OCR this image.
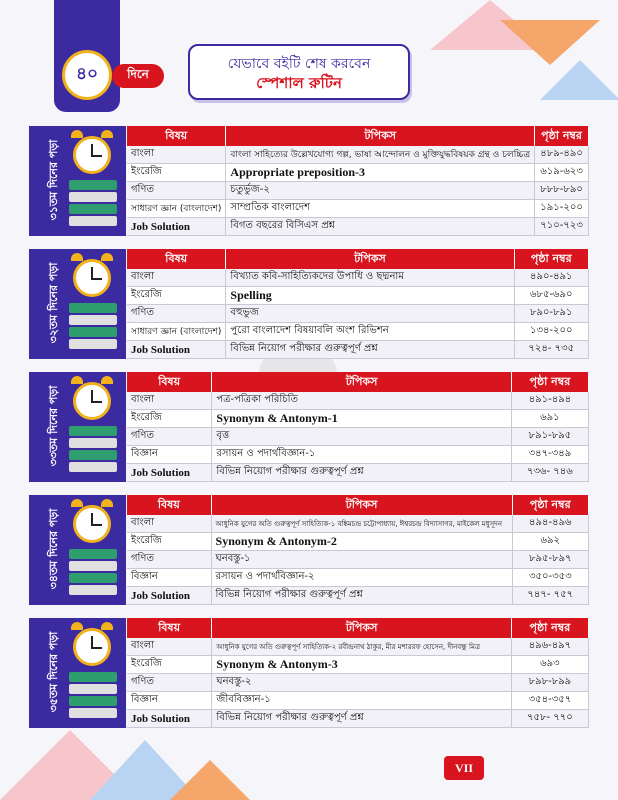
৪০	দিনে
যেভাবে বইটি শেষ করবেন
স্পেশাল রুটিন
৩১তম দিনের পড়া
বিষয়	টপিকস	পৃষ্ঠা নম্বর
বাংলা	বাংলা সাহিত্যের উল্লেখযোগ্য গল্প, ভাষা আন্দোলন ও মুক্তিযুদ্ধবিষয়ক গ্রন্থ ও চলচ্চিত্র	৪৮৯-৪৯০
ইংরেজি	Appropriate preposition-3	৬১৯-৬২৩
গণিত	চতুর্ভুজ-২	৮৮৮-৮৯০
সাধারণ জ্ঞান (বাংলাদেশ)	সাম্প্রতিক বাংলাদেশ	১৯১-২০০
Job Solution	বিগত বছরের বিসিএস প্রশ্ন	৭১০-৭২৩
৩২তম দিনের পড়া
বিষয়	টপিকস	পৃষ্ঠা নম্বর
বাংলা	বিখ্যাত কবি-সাহিত্যিকদের উপাধি ও ছদ্মনাম	৪৯০-৪৯১
ইংরেজি	Spelling	৬৮৫-৬৯০
গণিত	বহুভুজ	৮৯০-৮৯১
সাধারণ জ্ঞান (বাংলাদেশ)	পুরো বাংলাদেশ বিষয়াবলি অংশ রিভিশন	১৩৪-২০০
Job Solution	বিভিন্ন নিয়োগ পরীক্ষার গুরুত্বপূর্ণ প্রশ্ন	৭২৪- ৭৩৫
৩৩তম দিনের পড়া
বিষয়	টপিকস	পৃষ্ঠা নম্বর
বাংলা	পত্র-পত্রিকা পরিচিতি	৪৯১-৪৯৪
ইংরেজি	Synonym & Antonym-1	৬৯১
গণিত	বৃত্ত	৮৯১-৮৯৫
বিজ্ঞান	রসায়ন ও পদার্থবিজ্ঞান-১	৩৪৭-৩৪৯
Job Solution	বিভিন্ন নিয়োগ পরীক্ষার গুরুত্বপূর্ণ প্রশ্ন	৭৩৬- ৭৪৬
৩৪তম দিনের পড়া
বিষয়	টপিকস	পৃষ্ঠা নম্বর
বাংলা	আধুনিক যুগের অতি গুরুত্বপূর্ণ সাহিত্যিক-১ বঙ্কিমচন্দ্র চট্টোপাধ্যায়, ঈশ্বরচন্দ্র বিদ্যাসাগর, মাইকেল মধুসূদন	৪৯৪-৪৯৬
ইংরেজি	Synonym & Antonym-2	৬৯২
গণিত	ঘনবস্তু-১	৮৯৫-৮৯৭
বিজ্ঞান	রসায়ন ও পদার্থবিজ্ঞান-২	৩৫০-৩৫৩
Job Solution	বিভিন্ন নিয়োগ পরীক্ষার গুরুত্বপূর্ণ প্রশ্ন	৭৪৭- ৭৫৭
৩৫তম দিনের পড়া
বিষয়	টপিকস	পৃষ্ঠা নম্বর
বাংলা	আধুনিক যুগের অতি গুরুত্বপূর্ণ সাহিত্যিক-২ রবীন্দ্রনাথ ঠাকুর, মীর মশাররফ হোসেন, দীনবন্ধু মিত্র	৪৯৬-৪৯৭
ইংরেজি	Synonym & Antonym-3	৬৯৩
গণিত	ঘনবস্তু-২	৮৯৮-৮৯৯
বিজ্ঞান	জীববিজ্ঞান-১	৩৫৪-৩৫৭
Job Solution	বিভিন্ন নিয়োগ পরীক্ষার গুরুত্বপূর্ণ প্রশ্ন	৭৫৮- ৭৭০
VII
